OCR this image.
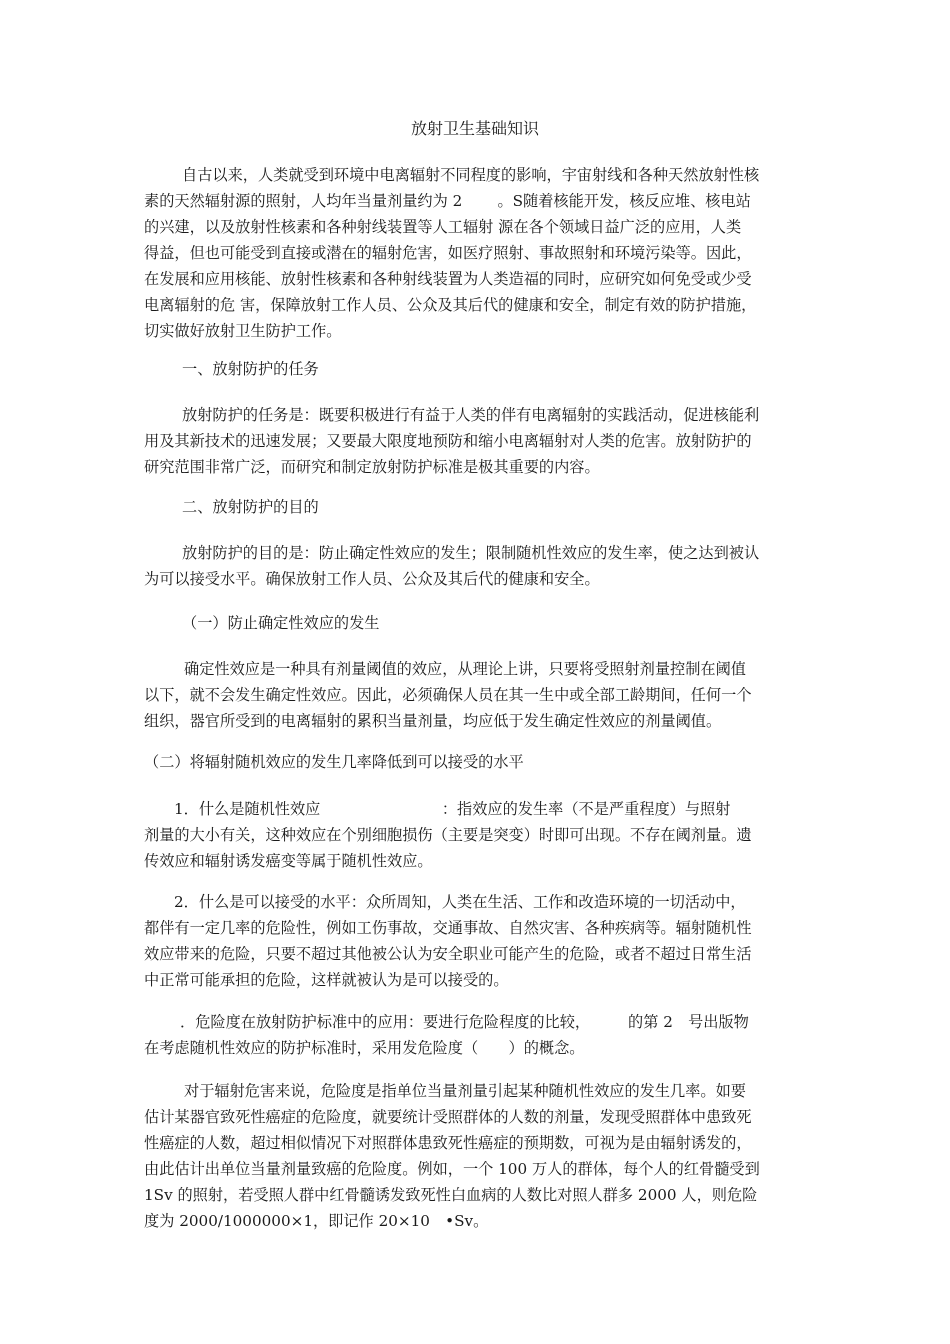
放射卫生基础知识
自古以来，人类就受到环境中电离辐射不同程度的影响，宇宙射线和各种天然放射性核
素的天然辐射源的照射，人均年当量剂量约为 2　　 。S随着核能开发，核反应堆、核电站
的兴建，以及放射性核素和各种射线装置等人工辐射 源在各个领域日益广泛的应用，人类
得益，但也可能受到直接或潜在的辐射危害，如医疗照射、事故照射和环境污染等。因此，
在发展和应用核能、放射性核素和各种射线装置为人类造福的同时，应研究如何免受或少受
电离辐射的危 害，保障放射工作人员、公众及其后代的健康和安全，制定有效的防护措施，
切实做好放射卫生防护工作。
一、放射防护的任务
放射防护的任务是：既要积极进行有益于人类的伴有电离辐射的实践活动，促进核能利
用及其新技术的迅速发展；又要最大限度地预防和缩小电离辐射对人类的危害。放射防护的
研究范围非常广泛，而研究和制定放射防护标准是极其重要的内容。
二、放射防护的目的
放射防护的目的是：防止确定性效应的发生；限制随机性效应的发生率，使之达到被认
为可以接受水平。确保放射工作人员、公众及其后代的健康和安全。
（一）防止确定性效应的发生
确定性效应是一种具有剂量阈值的效应，从理论上讲，只要将受照射剂量控制在阈值
以下，就不会发生确定性效应。因此，必须确保人员在其一生中或全部工龄期间，任何一个
组织，器官所受到的电离辐射的累积当量剂量，均应低于发生确定性效应的剂量阈值。
（二）将辐射随机效应的发生几率降低到可以接受的水平
1．什么是随机性效应　　　　　　　　：指效应的发生率（不是严重程度）与照射
剂量的大小有关，这种效应在个别细胞损伤（主要是突变）时即可出现。不存在阈剂量。遗
传效应和辐射诱发癌变等属于随机性效应。
2．什么是可以接受的水平：众所周知，人类在生活、工作和改造环境的一切活动中，
都伴有一定几率的危险性，例如工伤事故，交通事故、自然灾害、各种疾病等。辐射随机性
效应带来的危险，只要不超过其他被公认为安全职业可能产生的危险，或者不超过日常生活
中正常可能承担的危险，这样就被认为是可以接受的。
．危险度在放射防护标准中的应用：要进行危险程度的比较，　　　的第 2　号出版物
在考虑随机性效应的防护标准时，采用发危险度（　　）的概念。
对于辐射危害来说，危险度是指单位当量剂量引起某种随机性效应的发生几率。如要
估计某器官致死性癌症的危险度，就要统计受照群体的人数的剂量，发现受照群体中患致死
性癌症的人数，超过相似情况下对照群体患致死性癌症的预期数，可视为是由辐射诱发的，
由此估计出单位当量剂量致癌的危险度。例如，一个 100 万人的群体，每个人的红骨髓受到
1Sv 的照射，若受照人群中红骨髓诱发致死性白血病的人数比对照人群多 2000 人，则危险
度为 2000/1000000×1，即记作 20×10　•Sv。
